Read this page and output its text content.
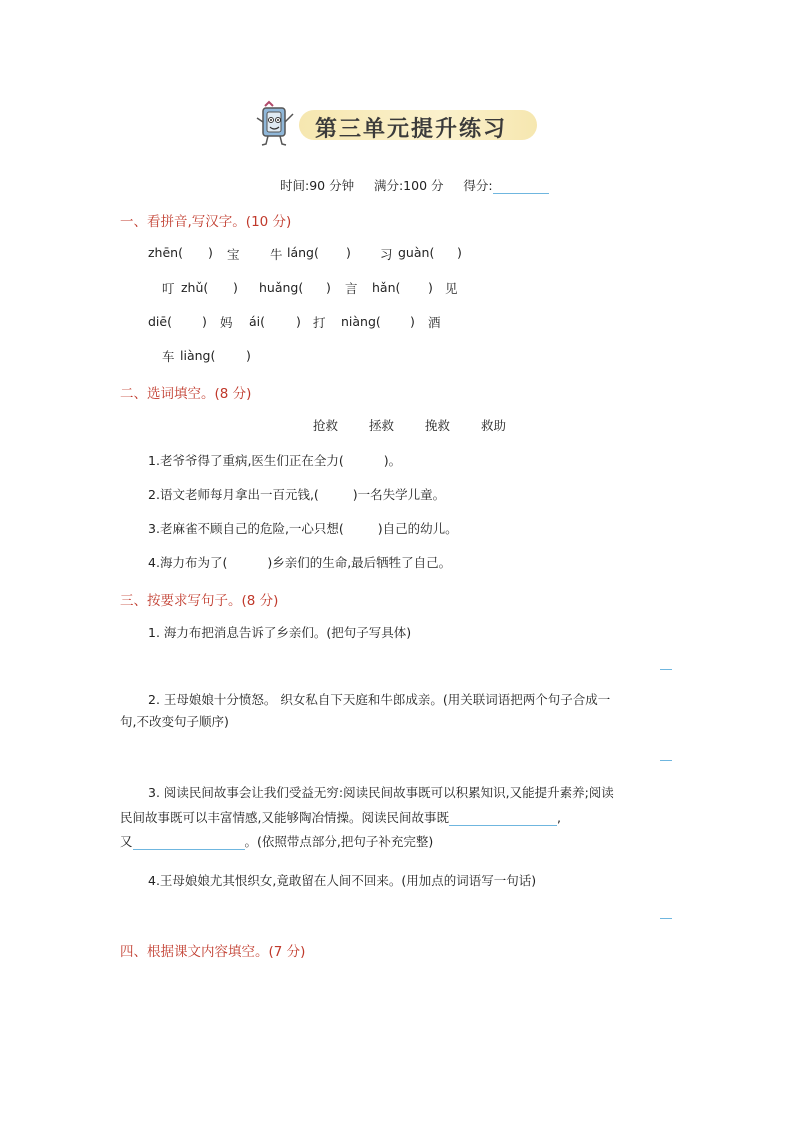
第三单元提升练习
时间:90 分钟 满分:100 分 得分:
一、看拼音,写汉字。(10 分)
zhēn( ) 宝 牛 láng( ) 习 guàn( )
叮 zhǔ( ) huǎng( ) 言 hǎn( ) 见
diē( ) 妈 ái( ) 打 niàng( ) 酒
车 liàng( )
二、选词填空。(8 分)
抢救 拯救 挽救 救助
1.老爷爷得了重病,医生们正在全力(	)。
2.语文老师每月拿出一百元钱,(	)一名失学儿童。
3.老麻雀不顾自己的危险,一心只想(	)自己的幼儿。
4.海力布为了(	)乡亲们的生命,最后牺牲了自己。
三、按要求写句子。(8 分)
1. 海力布把消息告诉了乡亲们。(把句子写具体)
2. 王母娘娘十分愤怒。 织女私自下天庭和牛郎成亲。(用关联词语把两个句子合成一
句,不改变句子顺序)
3. 阅读民间故事会让我们受益无穷:阅读民间故事既可以积累知识,又能提升素养;阅读
民间故事既可以丰富情感,又能够陶冶情操。阅读民间故事既	,
又	。(依照带点部分,把句子补充完整)
4.王母娘娘尤其恨织女,竟敢留在人间不回来。(用加点的词语写一句话)
四、根据课文内容填空。(7 分)
